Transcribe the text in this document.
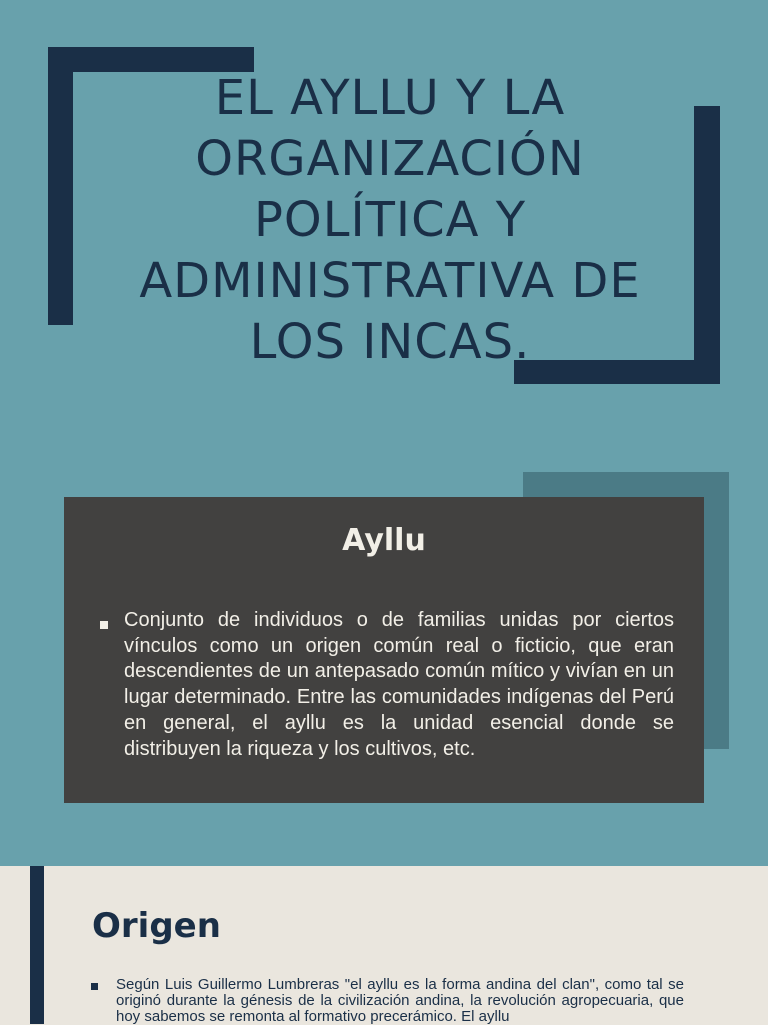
EL AYLLU Y LA ORGANIZACIÓN POLÍTICA Y ADMINISTRATIVA DE LOS INCAS.
Ayllu

Conjunto de individuos o de familias unidas por ciertos vínculos como un origen común real o ficticio, que eran descendientes de un antepasado común mítico y vivían en un lugar determinado. Entre las comunidades indígenas del Perú en general, el ayllu es la unidad esencial donde se distribuyen la riqueza y los cultivos, etc.

Origen

Según Luis Guillermo Lumbreras "el ayllu es la forma andina del clan", como tal se originó durante la génesis de la civilización andina, la revolución agropecuaria, que hoy sabemos se remonta al formativo precerámico. El ayllu
